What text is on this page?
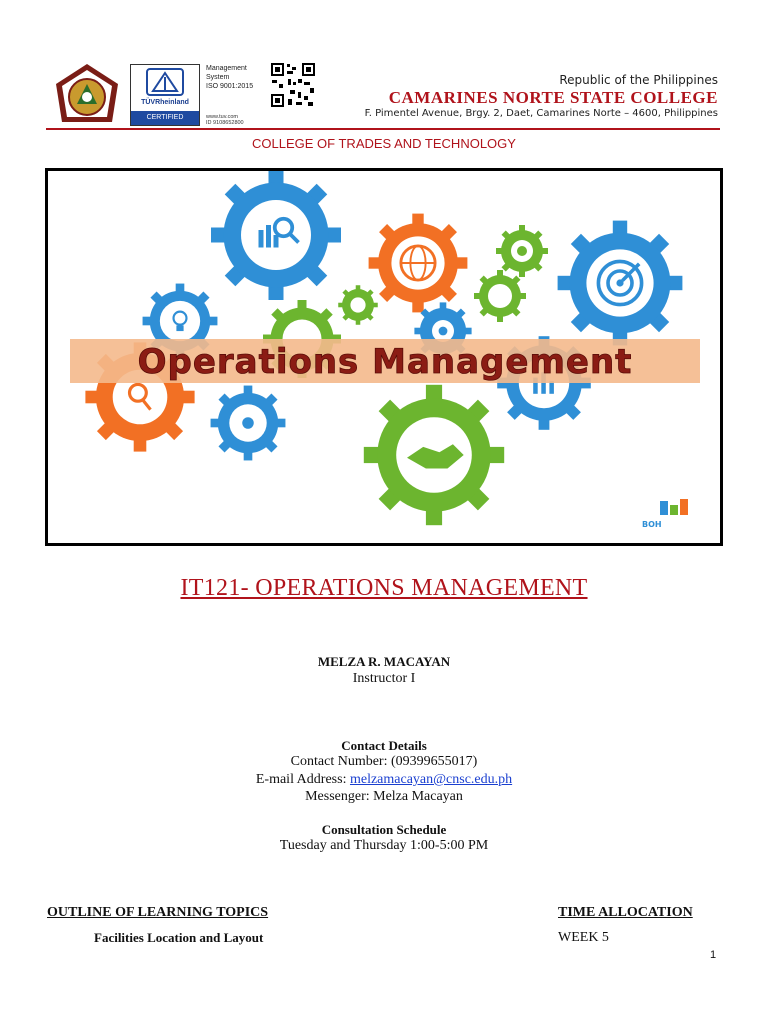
TÜVRheinland
CERTIFIED
Management
System
ISO 9001:2015
www.tuv.com
ID 9108652800
Republic of the Philippines
CAMARINES NORTE STATE COLLEGE
F. Pimentel Avenue, Brgy. 2, Daet, Camarines Norte – 4600, Philippines
COLLEGE OF TRADES AND TECHNOLOGY
Operations Management
BOH
IT121- OPERATIONS MANAGEMENT
MELZA R. MACAYAN
Instructor I
Contact Details
Contact Number: (09399655017)
E-mail Address: melzamacayan@cnsc.edu.ph
Messenger: Melza Macayan
Consultation Schedule
Tuesday and Thursday 1:00-5:00 PM
OUTLINE OF LEARNING TOPICS	TIME ALLOCATION
Facilities Location and Layout	WEEK 5
1
